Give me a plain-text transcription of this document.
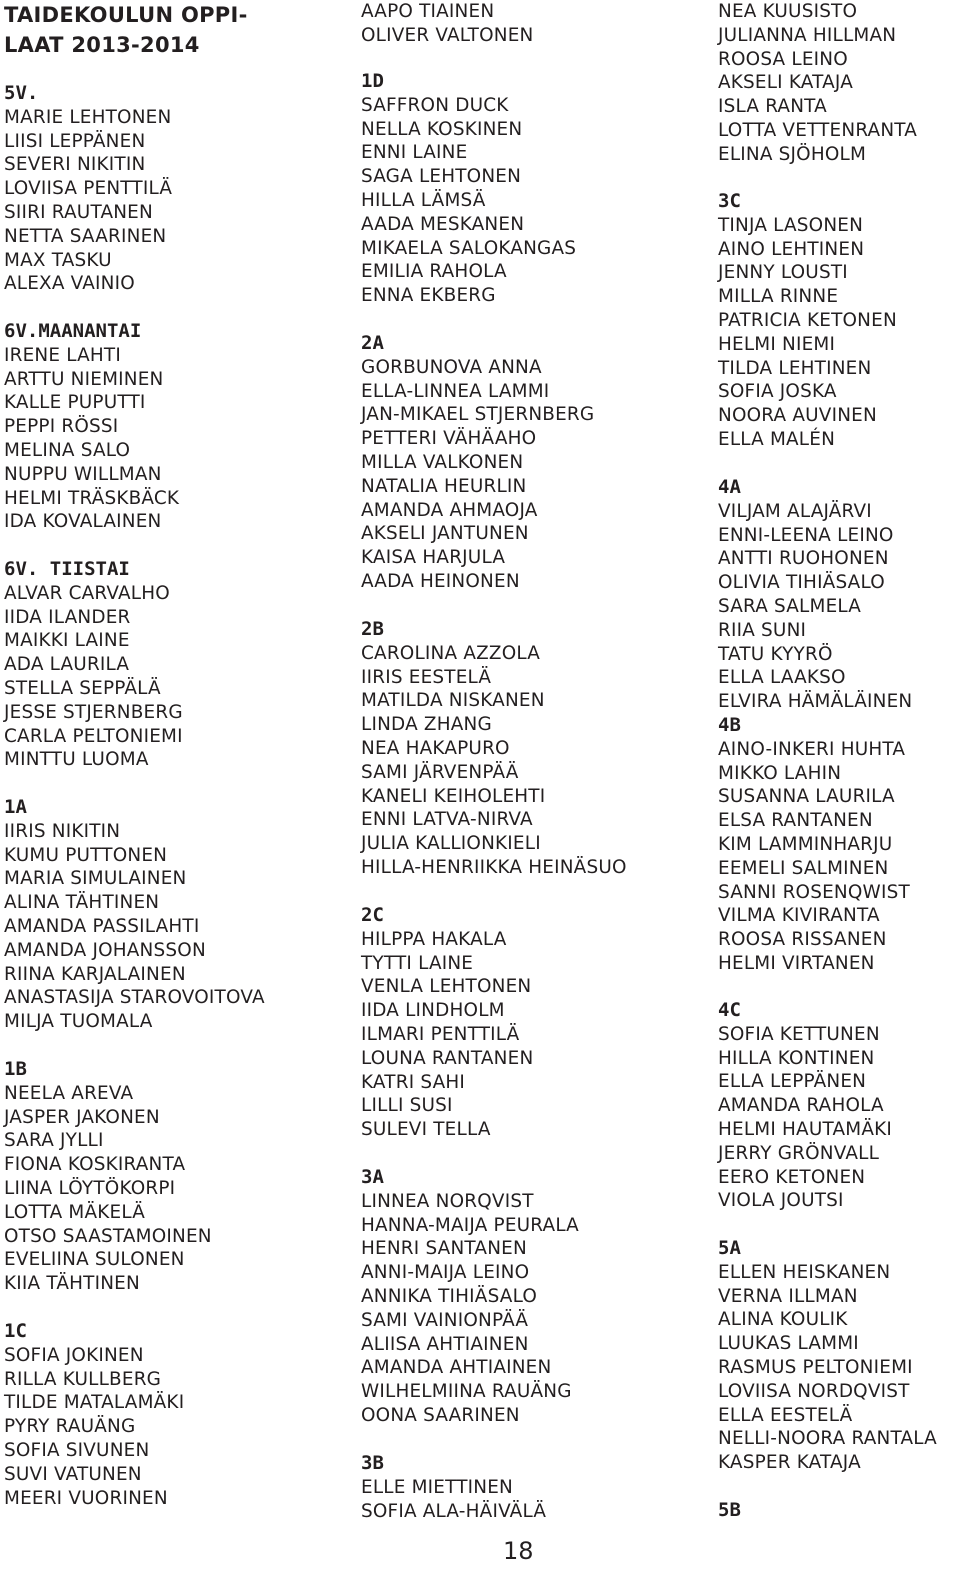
TAIDEKOULUN OPPI-
LAAT 2013-2014
5V.
MARIE LEHTONEN
LIISI LEPPÄNEN
SEVERI NIKITIN
LOVIISA PENTTILÄ
SIIRI RAUTANEN
NETTA SAARINEN
MAX TASKU
ALEXA VAINIO
6V.MAANANTAI
IRENE LAHTI
ARTTU NIEMINEN
KALLE PUPUTTI
PEPPI RÖSSI
MELINA SALO
NUPPU WILLMAN
HELMI TRÄSKBÄCK
IDA KOVALAINEN
6V. TIISTAI
ALVAR CARVALHO
IIDA ILANDER
MAIKKI LAINE
ADA LAURILA
STELLA SEPPÄLÄ
JESSE STJERNBERG
CARLA PELTONIEMI
MINTTU LUOMA
1A
IIRIS NIKITIN
KUMU PUTTONEN
MARIA SIMULAINEN
ALINA TÄHTINEN
AMANDA PASSILAHTI
AMANDA JOHANSSON
RIINA KARJALAINEN
ANASTASIJA STAROVOITOVA
MILJA TUOMALA
1B
NEELA AREVA
JASPER JAKONEN
SARA JYLLI
FIONA KOSKIRANTA
LIINA LÖYTÖKORPI
LOTTA MÄKELÄ
OTSO SAASTAMOINEN
EVELIINA SULONEN
KIIA TÄHTINEN
1C
SOFIA JOKINEN
RILLA KULLBERG
TILDE MATALAMÄKI
PYRY RAUÄNG
SOFIA SIVUNEN
SUVI VATUNEN
MEERI VUORINEN
AAPO TIAINEN
OLIVER VALTONEN
1D
SAFFRON DUCK
NELLA KOSKINEN
ENNI LAINE
SAGA LEHTONEN
HILLA LÄMSÄ
AADA MESKANEN
MIKAELA SALOKANGAS
EMILIA RAHOLA
ENNA EKBERG
2A
GORBUNOVA ANNA
ELLA-LINNEA LAMMI
JAN-MIKAEL STJERNBERG
PETTERI VÄHÄAHO
MILLA VALKONEN
NATALIA HEURLIN
AMANDA AHMAOJA
AKSELI JANTUNEN
KAISA HARJULA
AADA HEINONEN
2B
CAROLINA AZZOLA
IIRIS EESTELÄ
MATILDA NISKANEN
LINDA ZHANG
NEA HAKAPURO
SAMI JÄRVENPÄÄ
KANELI KEIHOLEHTI
ENNI LATVA-NIRVA
JULIA KALLIONKIELI
HILLA-HENRIIKKA HEINÄSUO
2C
HILPPA HAKALA
TYTTI LAINE
VENLA LEHTONEN
IIDA LINDHOLM
ILMARI PENTTILÄ
LOUNA RANTANEN
KATRI SAHI
LILLI SUSI
SULEVI TELLA
3A
LINNEA NORQVIST
HANNA-MAIJA PEURALA
HENRI SANTANEN
ANNI-MAIJA LEINO
ANNIKA TIHIÄSALO
SAMI VAINIONPÄÄ
ALIISA AHTIAINEN
AMANDA AHTIAINEN
WILHELMIINA RAUÄNG
OONA SAARINEN
3B
ELLE MIETTINEN
SOFIA ALA-HÄIVÄLÄ
NEA KUUSISTO
JULIANNA HILLMAN
ROOSA LEINO
AKSELI KATAJA
ISLA RANTA
LOTTA VETTENRANTA
ELINA SJÖHOLM
3C
TINJA LASONEN
AINO LEHTINEN
JENNY LOUSTI
MILLA RINNE
PATRICIA KETONEN
HELMI NIEMI
TILDA LEHTINEN
SOFIA JOSKA
NOORA AUVINEN
ELLA MALÉN
4A
VILJAM ALAJÄRVI
ENNI-LEENA LEINO
ANTTI RUOHONEN
OLIVIA TIHIÄSALO
SARA SALMELA
RIIA SUNI
TATU KYYRÖ
ELLA LAAKSO
ELVIRA HÄMÄLÄINEN
4B
AINO-INKERI HUHTA
MIKKO LAHIN
SUSANNA LAURILA
ELSA RANTANEN
KIM LAMMINHARJU
EEMELI SALMINEN
SANNI ROSENQWIST
VILMA KIVIRANTA
ROOSA RISSANEN
HELMI VIRTANEN
4C
SOFIA KETTUNEN
HILLA KONTINEN
ELLA LEPPÄNEN
AMANDA RAHOLA
HELMI HAUTAMÄKI
JERRY GRÖNVALL
EERO KETONEN
VIOLA JOUTSI
5A
ELLEN HEISKANEN
VERNA ILLMAN
ALINA KOULIK
LUUKAS LAMMI
RASMUS PELTONIEMI
LOVIISA NORDQVIST
ELLA EESTELÄ
NELLI-NOORA RANTALA
KASPER KATAJA
5B
18
